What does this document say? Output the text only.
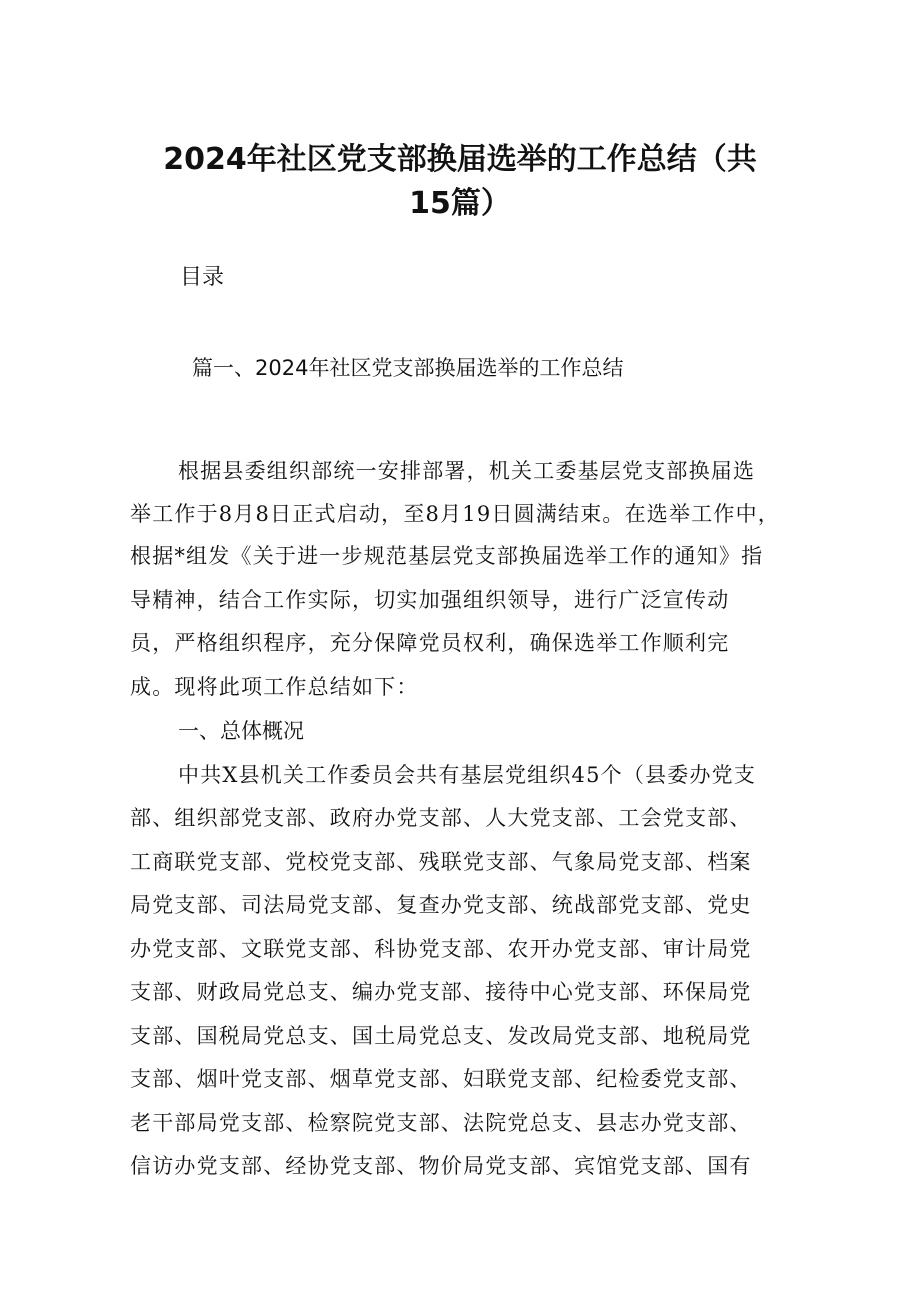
2024年社区党支部换届选举的工作总结（共
15篇）
目录
篇一、2024年社区党支部换届选举的工作总结
根据县委组织部统一安排部署，机关工委基层党支部换届选
举工作于8月8日正式启动，至8月19日圆满结束。在选举工作中，
根据*组发《关于进一步规范基层党支部换届选举工作的通知》指
导精神，结合工作实际，切实加强组织领导，进行广泛宣传动
员，严格组织程序，充分保障党员权利，确保选举工作顺利完
成。现将此项工作总结如下：
一、总体概况
中共X县机关工作委员会共有基层党组织45个（县委办党支
部、组织部党支部、政府办党支部、人大党支部、工会党支部、
工商联党支部、党校党支部、残联党支部、气象局党支部、档案
局党支部、司法局党支部、复查办党支部、统战部党支部、党史
办党支部、文联党支部、科协党支部、农开办党支部、审计局党
支部、财政局党总支、编办党支部、接待中心党支部、环保局党
支部、国税局党总支、国土局党总支、发改局党支部、地税局党
支部、烟叶党支部、烟草党支部、妇联党支部、纪检委党支部、
老干部局党支部、检察院党支部、法院党总支、县志办党支部、
信访办党支部、经协党支部、物价局党支部、宾馆党支部、国有
